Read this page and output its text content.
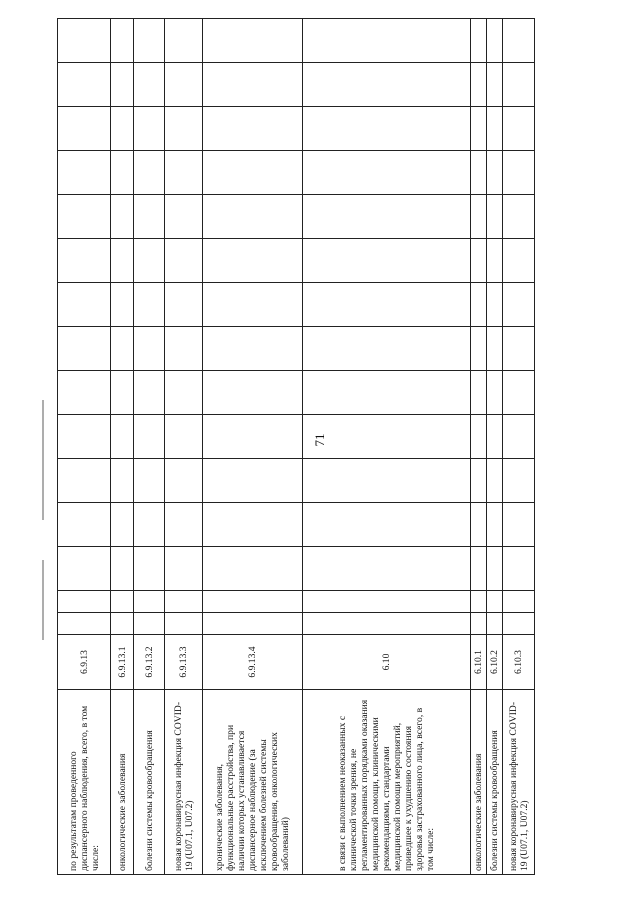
71
по результатам проведенного диспансерного наблюдения, всего, в том числе:	6.9.13															
онкологические заболевания	6.9.13.1															
болезни системы кровообращения	6.9.13.2															
новая коронавирусная инфекция COVID-19 (U07.1, U07.2)	6.9.13.3															
хронические заболевания, функциональные расстройства, при наличии которых устанавливается диспансерное наблюдение (за исключением болезней системы кровообращения, онкологических заболеваний)	6.9.13.4															
в связи с выполнением неоказанных с клинической точки зрения, не регламентированных порядками оказания медицинской помощи, клиническими рекомендациями, стандартами медицинской помощи мероприятий, приведшее к ухудшению состояния здоровья застрахованного лица, всего, в том числе:	6.10															
онкологические заболевания	6.10.1															
болезни системы кровообращения	6.10.2															
новая коронавирусная инфекция COVID-19 (U07.1, U07.2)	6.10.3															
